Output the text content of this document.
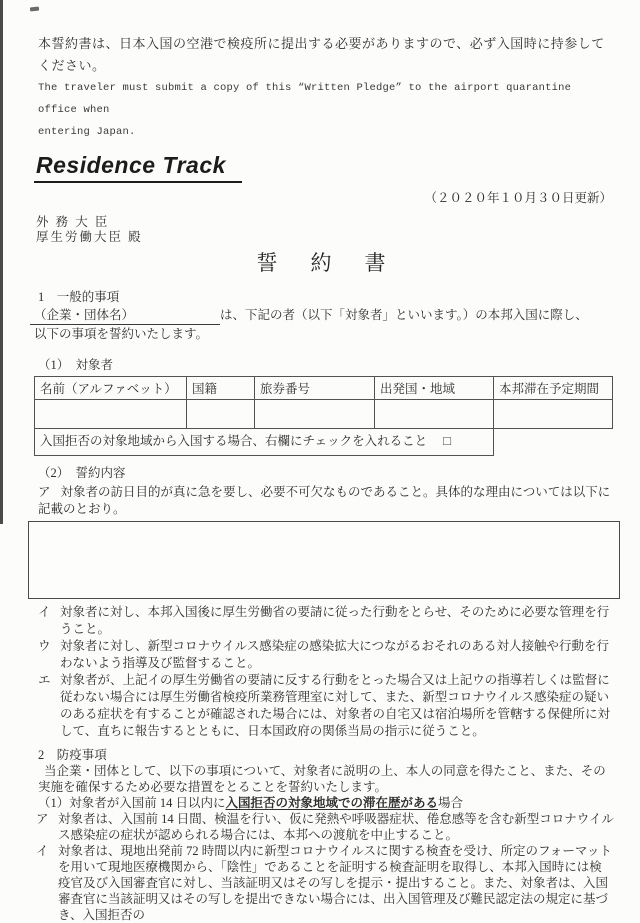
本誓約書は、日本入国の空港で検疫所に提出する必要がありますので、必ず入国時に持参してください。

The traveler must submit a copy of this “Written Pledge” to the airport quarantine office when

entering Japan.

Residence Track

（２０２０年１０月３０日更新）

外 務 大 臣

厚生労働大臣 殿

誓　約　書

1　一般的事項

（企業・団体名）	は、下記の者（以下「対象者」といいます。）の本邦入国に際し、

以下の事項を誓約いたします。

（1）　対象者

名前（アルファベット）	国籍	旅券番号	出発国・地域	本邦滞在予定期間

入国拒否の対象地域から入国する場合、右欄にチェックを入れること □				

（2）　誓約内容

ア 対象者の訪日目的が真に急を要し、必要不可欠なものであること。具体的な理由については以下に記載のとおり。

イ 対象者に対し、本邦入国後に厚生労働省の要請に従った行動をとらせ、そのために必要な管理を行うこと。
ウ 対象者に対し、新型コロナウイルス感染症の感染拡大につながるおそれのある対人接触や行動を行わないよう指導及び監督すること。
エ 対象者が、上記イの厚生労働省の要請に反する行動をとった場合又は上記ウの指導若しくは監督に従わない場合には厚生労働省検疫所業務管理室に対して、また、新型コロナウイルス感染症の疑いのある症状を有することが確認された場合には、対象者の自宅又は宿泊場所を管轄する保健所に対して、直ちに報告するとともに、日本国政府の関係当局の指示に従うこと。

2　防疫事項

当企業・団体として、以下の事項について、対象者に説明の上、本人の同意を得たこと、また、その実施を確保するため必要な措置をとることを誓約いたします。

（1）対象者が入国前 14 日以内に入国拒否の対象地域での滞在歴がある場合

ア 対象者は、入国前 14 日間、検温を行い、仮に発熱や呼吸器症状、倦怠感等を含む新型コロナウイルス感染症の症状が認められる場合には、本邦への渡航を中止すること。
イ 対象者は、現地出発前 72 時間以内に新型コロナウイルスに関する検査を受け、所定のフォーマットを用いて現地医療機関から、「陰性」であることを証明する検査証明を取得し、本邦入国時には検疫官及び入国審査官に対し、当該証明又はその写しを提示・提出すること。また、対象者は、入国審査官に当該証明又はその写しを提出できない場合には、出入国管理及び難民認定法の規定に基づき、入国拒否の
